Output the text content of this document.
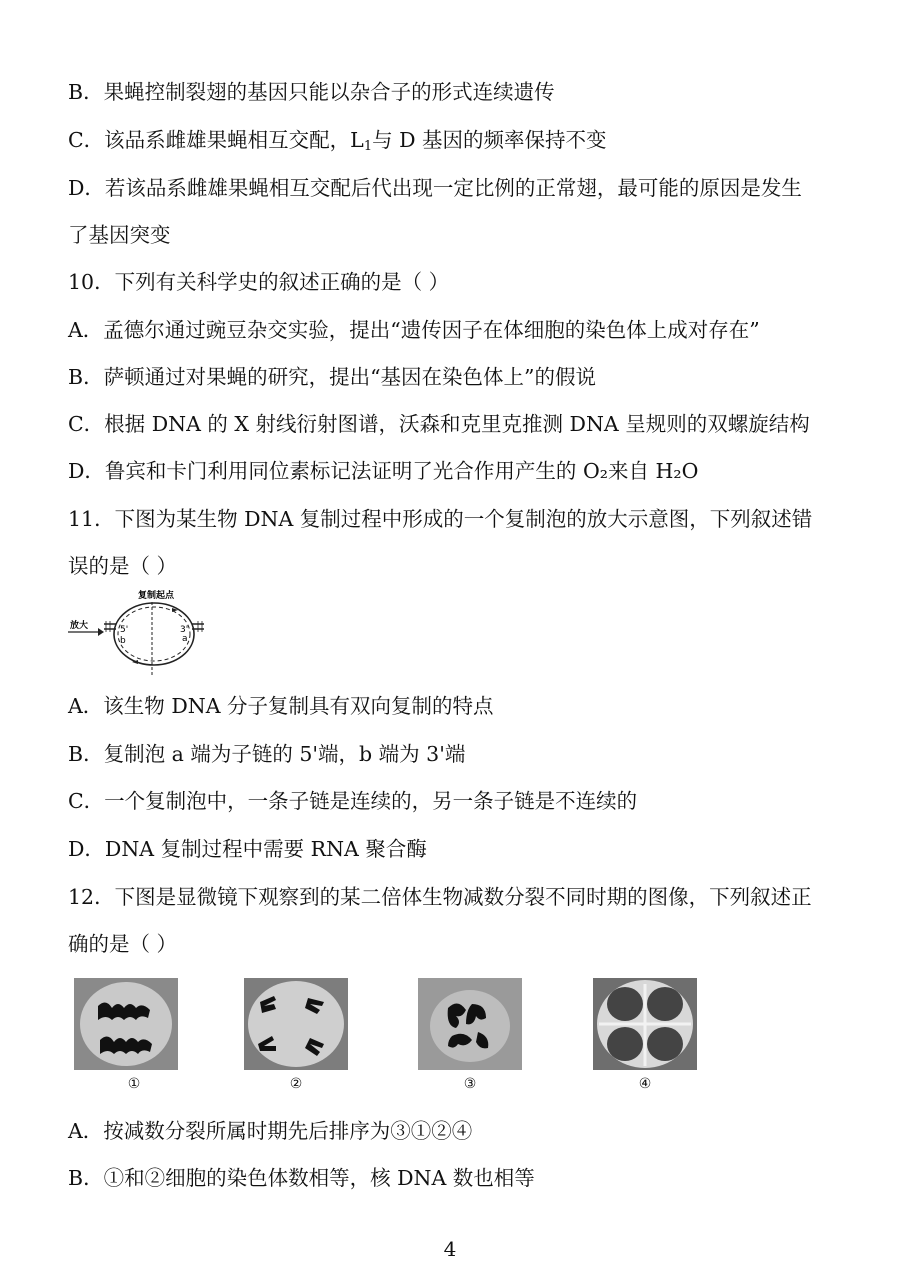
B．果蝇控制裂翅的基因只能以杂合子的形式连续遗传
C．该品系雌雄果蝇相互交配，$L_1$与 D 基因的频率保持不变
D．若该品系雌雄果蝇相互交配后代出现一定比例的正常翅，最可能的原因是发生
了基因突变
10．下列有关科学史的叙述正确的是（ ）
A．孟德尔通过豌豆杂交实验，提出“遗传因子在体细胞的染色体上成对存在”
B．萨顿通过对果蝇的研究，提出“基因在染色体上”的假说
C．根据 DNA 的 X 射线衍射图谱，沃森和克里克推测 DNA 呈规则的双螺旋结构
D．鲁宾和卡门利用同位素标记法证明了光合作用产生的 O₂来自 H₂O
11．下图为某生物 DNA 复制过程中形成的一个复制泡的放大示意图，下列叙述错
误的是（ ）
复制起点
放大	5'
b
3'
a
A．该生物 DNA 分子复制具有双向复制的特点
B．复制泡 a 端为子链的 5'端，b 端为 3'端
C．一个复制泡中，一条子链是连续的，另一条子链是不连续的
D．DNA 复制过程中需要 RNA 聚合酶
12．下图是显微镜下观察到的某二倍体生物减数分裂不同时期的图像，下列叙述正
确的是（ ）
①	②	③	④
A．按减数分裂所属时期先后排序为③①②④
B．①和②细胞的染色体数相等，核 DNA 数也相等
4
